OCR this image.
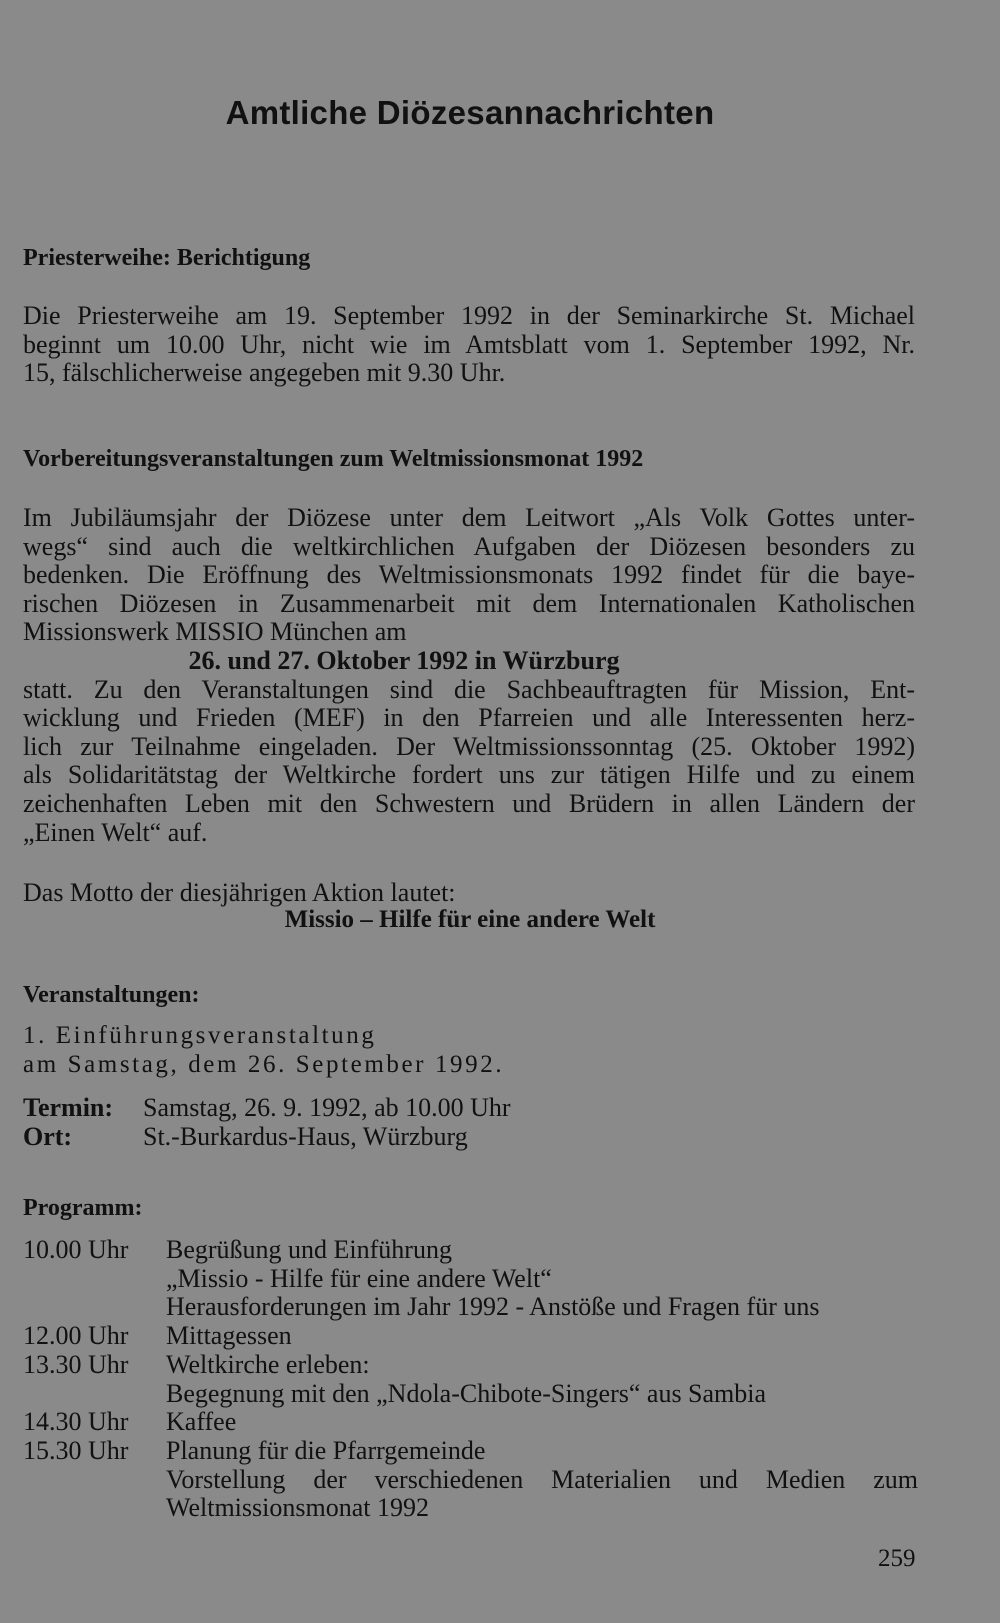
Amtliche Diözesannachrichten
Priesterweihe: Berichtigung
Die Priesterweihe am 19. September 1992 in der Seminarkirche St. Michael
beginnt um 10.00 Uhr, nicht wie im Amtsblatt vom 1. September 1992, Nr.
15, fälschlicherweise angegeben mit 9.30 Uhr.
Vorbereitungsveranstaltungen zum Weltmissionsmonat 1992
Im Jubiläumsjahr der Diözese unter dem Leitwort „Als Volk Gottes unter-
wegs“ sind auch die weltkirchlichen Aufgaben der Diözesen besonders zu
bedenken. Die Eröffnung des Weltmissionsmonats 1992 findet für die baye-
rischen Diözesen in Zusammenarbeit mit dem Internationalen Katholischen
Missionswerk MISSIO München am
26. und 27. Oktober 1992 in Würzburg
statt. Zu den Veranstaltungen sind die Sachbeauftragten für Mission, Ent-
wicklung und Frieden (MEF) in den Pfarreien und alle Interessenten herz-
lich zur Teilnahme eingeladen. Der Weltmissionssonntag (25. Oktober 1992)
als Solidaritätstag der Weltkirche fordert uns zur tätigen Hilfe und zu einem
zeichenhaften Leben mit den Schwestern und Brüdern in allen Ländern der
„Einen Welt“ auf.
Das Motto der diesjährigen Aktion lautet:
Missio – Hilfe für eine andere Welt
Veranstaltungen:
1. Einführungsveranstaltung
am Samstag, dem 26. September 1992.
Termin: Samstag, 26. 9. 1992, ab 10.00 Uhr
Ort:	St.-Burkardus-Haus, Würzburg
Programm:
10.00 Uhr	Begrüßung und Einführung
„Missio - Hilfe für eine andere Welt“
Herausforderungen im Jahr 1992 - Anstöße und Fragen für uns
12.00 Uhr	Mittagessen
13.30 Uhr	Weltkirche erleben:
Begegnung mit den „Ndola-Chibote-Singers“ aus Sambia
14.30 Uhr	Kaffee
15.30 Uhr	Planung für die Pfarrgemeinde
Vorstellung der verschiedenen Materialien und Medien zum
Weltmissionsmonat 1992
259
